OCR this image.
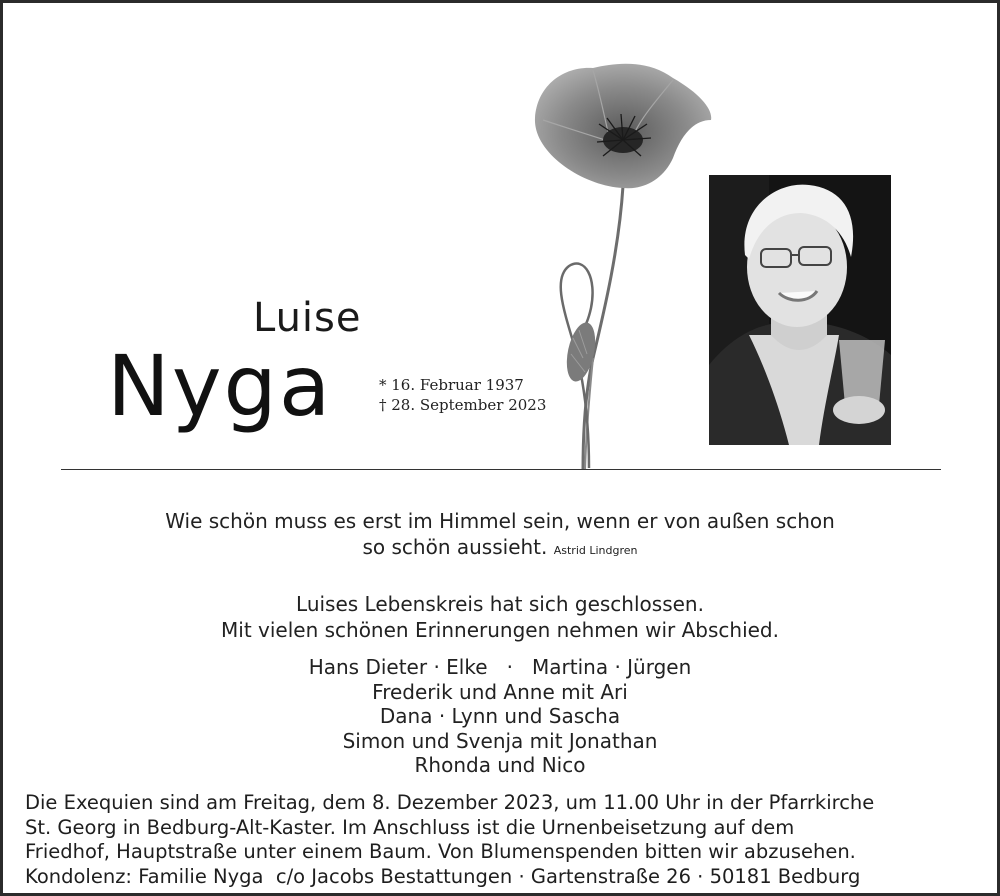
Luise
Nyga	* 16. Februar 1937
† 28. September 2023
Wie schön muss es erst im Himmel sein, wenn er von außen schon
so schön aussieht. Astrid Lindgren
Luises Lebenskreis hat sich geschlossen.
Mit vielen schönen Erinnerungen nehmen wir Abschied.
Hans Dieter · Elke   ·   Martina · Jürgen
Frederik und Anne mit Ari
Dana · Lynn und Sascha
Simon und Svenja mit Jonathan
Rhonda und Nico
Die Exequien sind am Freitag, dem 8. Dezember 2023, um 11.00 Uhr in der Pfarrkirche
St. Georg in Bedburg-Alt-Kaster. Im Anschluss ist die Urnenbeisetzung auf dem
Friedhof, Hauptstraße unter einem Baum. Von Blumenspenden bitten wir abzusehen.
Kondolenz: Familie Nyga  c/o Jacobs Bestattungen · Gartenstraße 26 · 50181 Bedburg
